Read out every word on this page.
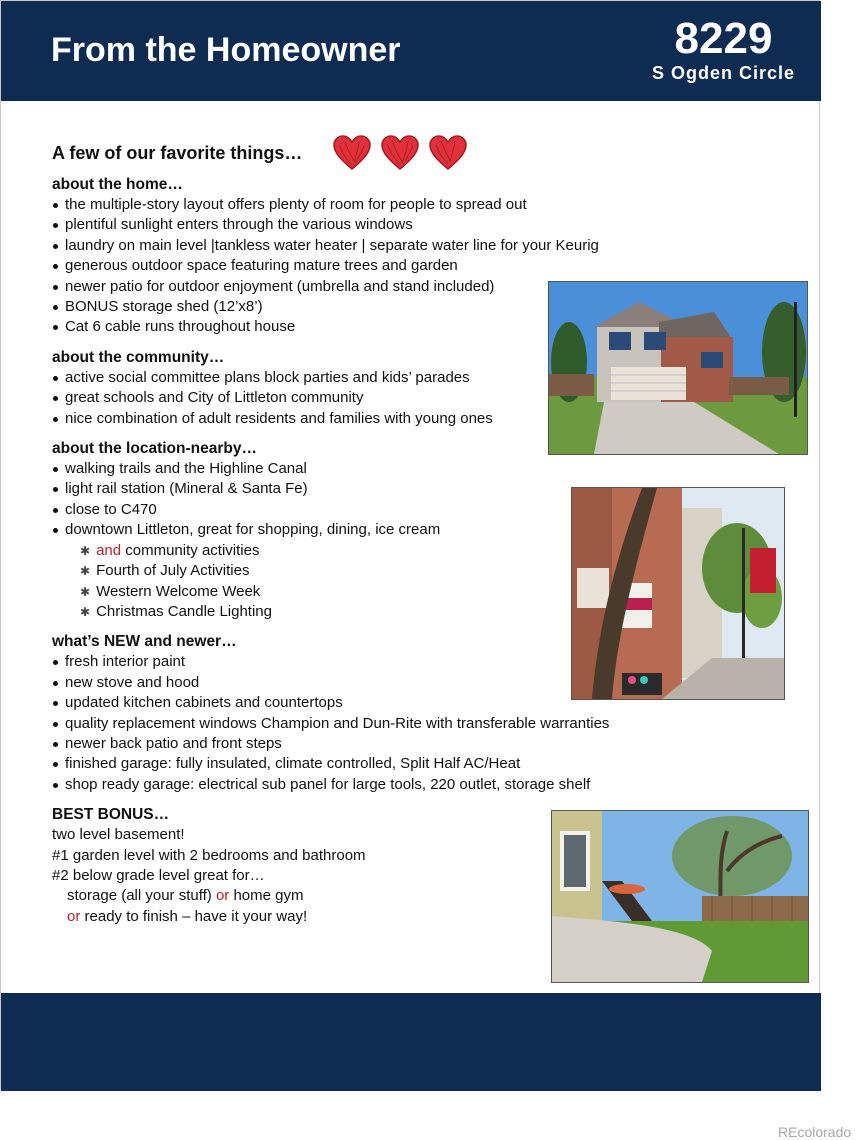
From the Homeowner	8229
S Ogden Circle
A few of our favorite things…
about the home…
the multiple-story layout offers plenty of room for people to spread out
plentiful sunlight enters through the various windows
laundry on main level |tankless water heater | separate water line for your Keurig
generous outdoor space featuring mature trees and garden
newer patio for outdoor enjoyment (umbrella and stand included)
BONUS storage shed (12’x8’)
Cat 6 cable runs throughout house
about the community…
active social committee plans block parties and kids’ parades
great schools and City of Littleton community
nice combination of adult residents and families with young ones
about the location-nearby…
walking trails and the Highline Canal
light rail station (Mineral & Santa Fe)
close to C470
downtown Littleton, great for shopping, dining, ice cream
✱ and community activities
✱ Fourth of July Activities
✱ Western Welcome Week
✱ Christmas Candle Lighting
what’s NEW and newer…
fresh interior paint
new stove and hood
updated kitchen cabinets and countertops
quality replacement windows Champion and Dun-Rite with transferable warranties
newer back patio and front steps
finished garage: fully insulated, climate controlled, Split Half AC/Heat
shop ready garage: electrical sub panel for large tools, 220 outlet, storage shelf
BEST BONUS…
two level basement!
#1 garden level with 2 bedrooms and bathroom
#2 below grade level great for…
storage (all your stuff) or home gym
or ready to finish – have it your way!
REcolorado
